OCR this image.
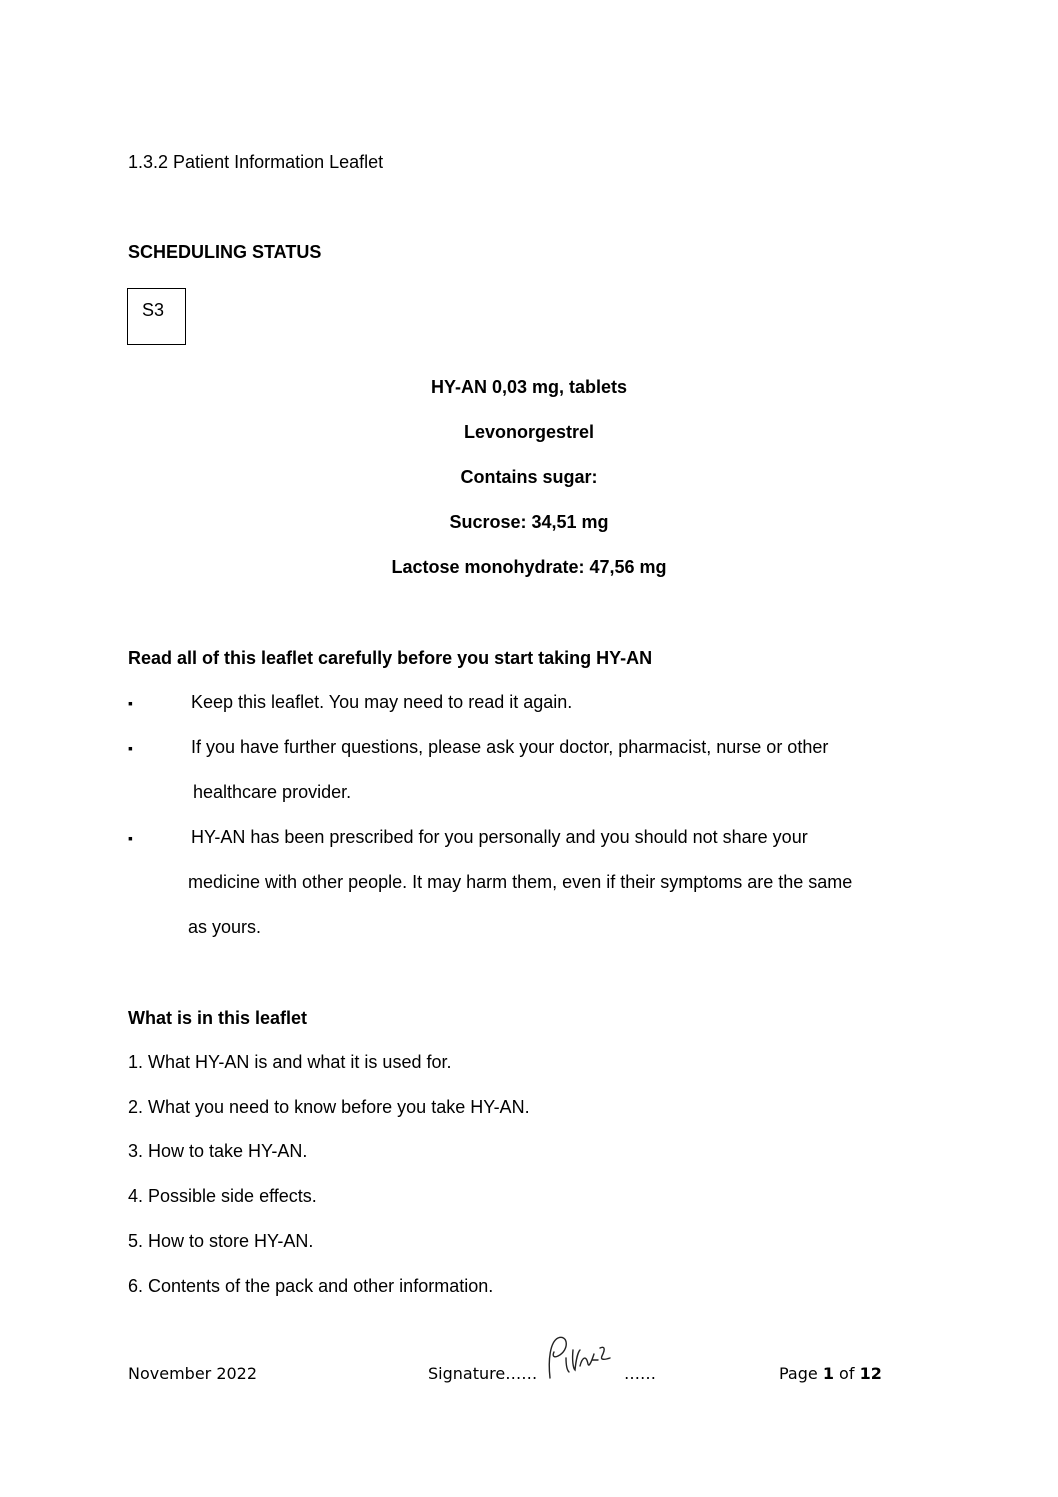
1.3.2 Patient Information Leaflet
SCHEDULING STATUS
S3
HY-AN 0,03 mg, tablets
Levonorgestrel
Contains sugar:
Sucrose: 34,51 mg
Lactose monohydrate: 47,56 mg
Read all of this leaflet carefully before you start taking HY-AN
▪	Keep this leaflet. You may need to read it again.
▪	If you have further questions, please ask your doctor, pharmacist, nurse or other
healthcare provider.
▪	HY-AN has been prescribed for you personally and you should not share your
medicine with other people. It may harm them, even if their symptoms are the same
as yours.
What is in this leaflet
1. What HY-AN is and what it is used for.
2. What you need to know before you take HY-AN.
3. How to take HY-AN.
4. Possible side effects.
5. How to store HY-AN.
6. Contents of the pack and other information.
November 2022	Signature……	……	Page 1 of 12
